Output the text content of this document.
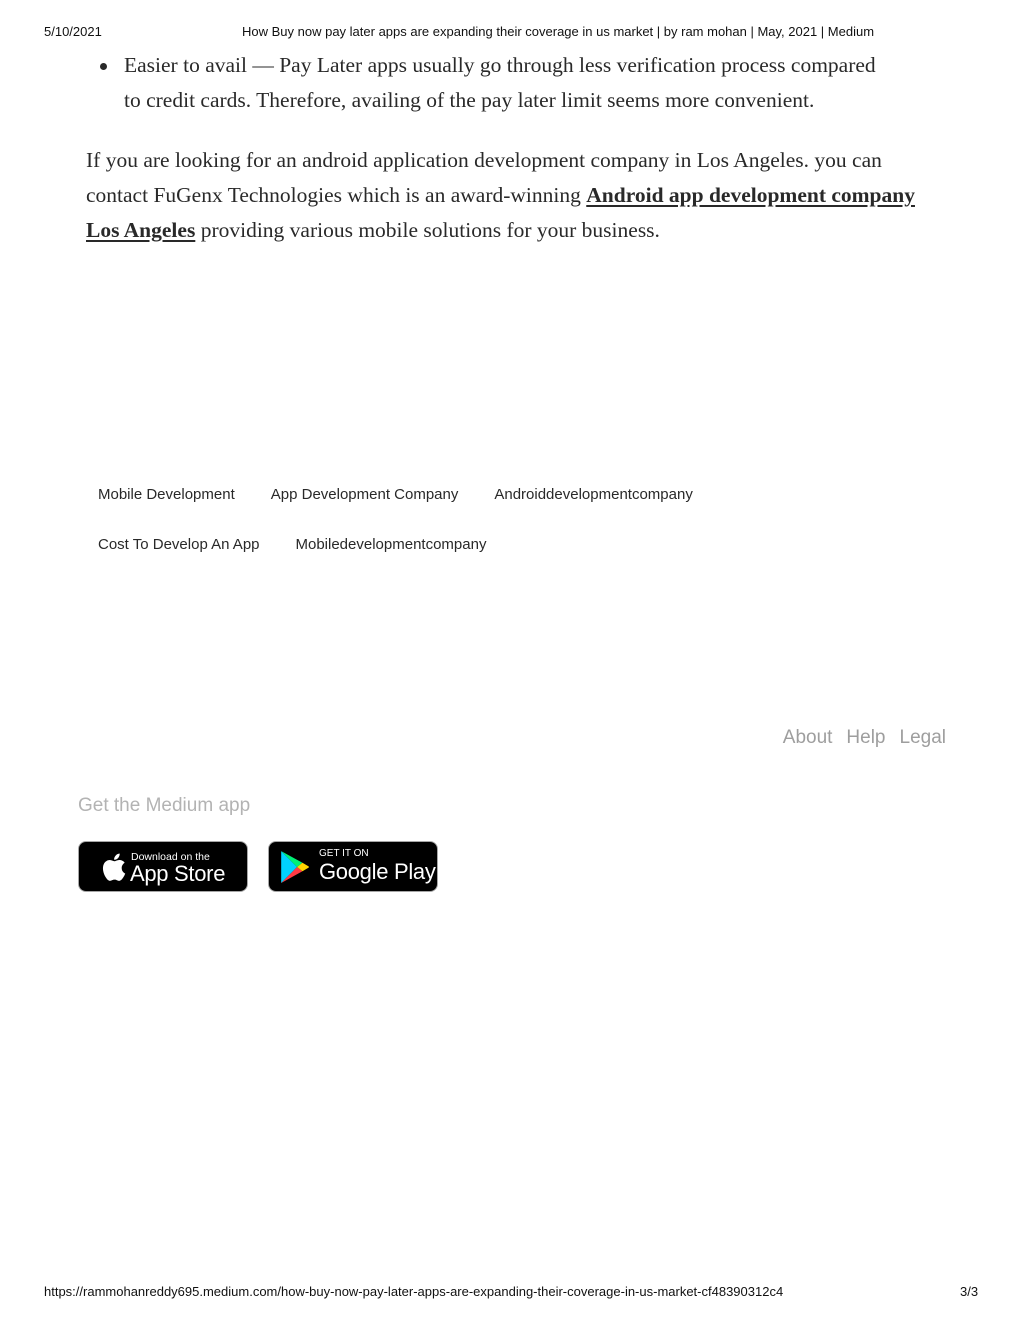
5/10/2021	How Buy now pay later apps are expanding their coverage in us market | by ram mohan | May, 2021 | Medium
Easier to avail — Pay Later apps usually go through less verification process compared to credit cards. Therefore, availing of the pay later limit seems more convenient.

If you are looking for an android application development company in Los Angeles. you can contact FuGenx Technologies which is an award-winning Android app development company Los Angeles providing various mobile solutions for your business.

Mobile Development	App Development Company	Androiddevelopmentcompany
Cost To Develop An App	Mobiledevelopmentcompany
About Help Legal
Get the Medium app
Download on the
App Store
GET IT ON
Google Play
https://rammohanreddy695.medium.com/how-buy-now-pay-later-apps-are-expanding-their-coverage-in-us-market-cf48390312c4	3/3
